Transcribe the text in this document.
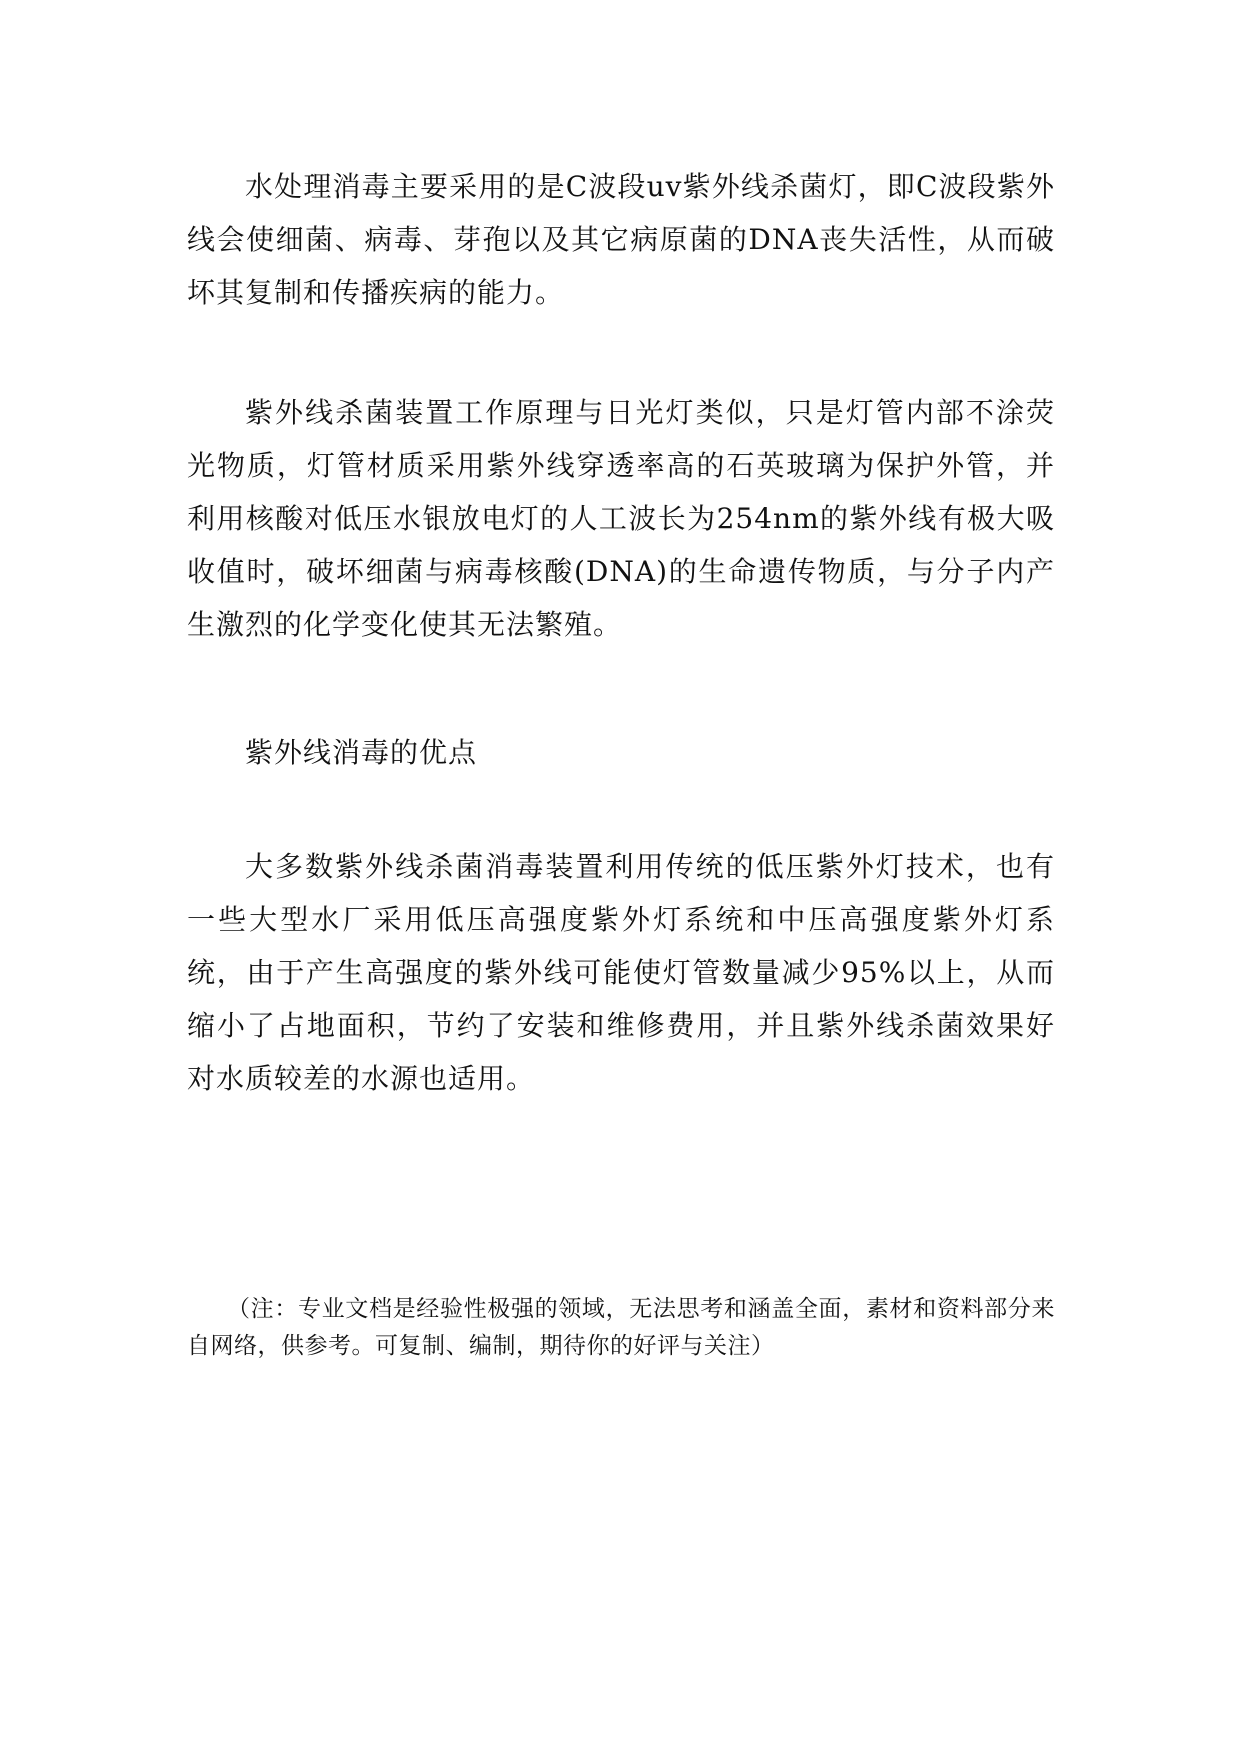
水处理消毒主要采用的是C波段uv紫外线杀菌灯，即C波段紫外线会使细菌、病毒、芽孢以及其它病原菌的DNA丧失活性，从而破坏其复制和传播疾病的能力。

紫外线杀菌装置工作原理与日光灯类似，只是灯管内部不涂荧光物质，灯管材质采用紫外线穿透率高的石英玻璃为保护外管，并利用核酸对低压水银放电灯的人工波长为254nm的紫外线有极大吸收值时，破坏细菌与病毒核酸(DNA)的生命遗传物质，与分子内产生激烈的化学变化使其无法繁殖。

紫外线消毒的优点

大多数紫外线杀菌消毒装置利用传统的低压紫外灯技术，也有一些大型水厂采用低压高强度紫外灯系统和中压高强度紫外灯系统，由于产生高强度的紫外线可能使灯管数量减少95%以上，从而缩小了占地面积，节约了安装和维修费用，并且紫外线杀菌效果好对水质较差的水源也适用。

（注：专业文档是经验性极强的领域，无法思考和涵盖全面，素材和资料部分来自网络，供参考。可复制、编制，期待你的好评与关注）
